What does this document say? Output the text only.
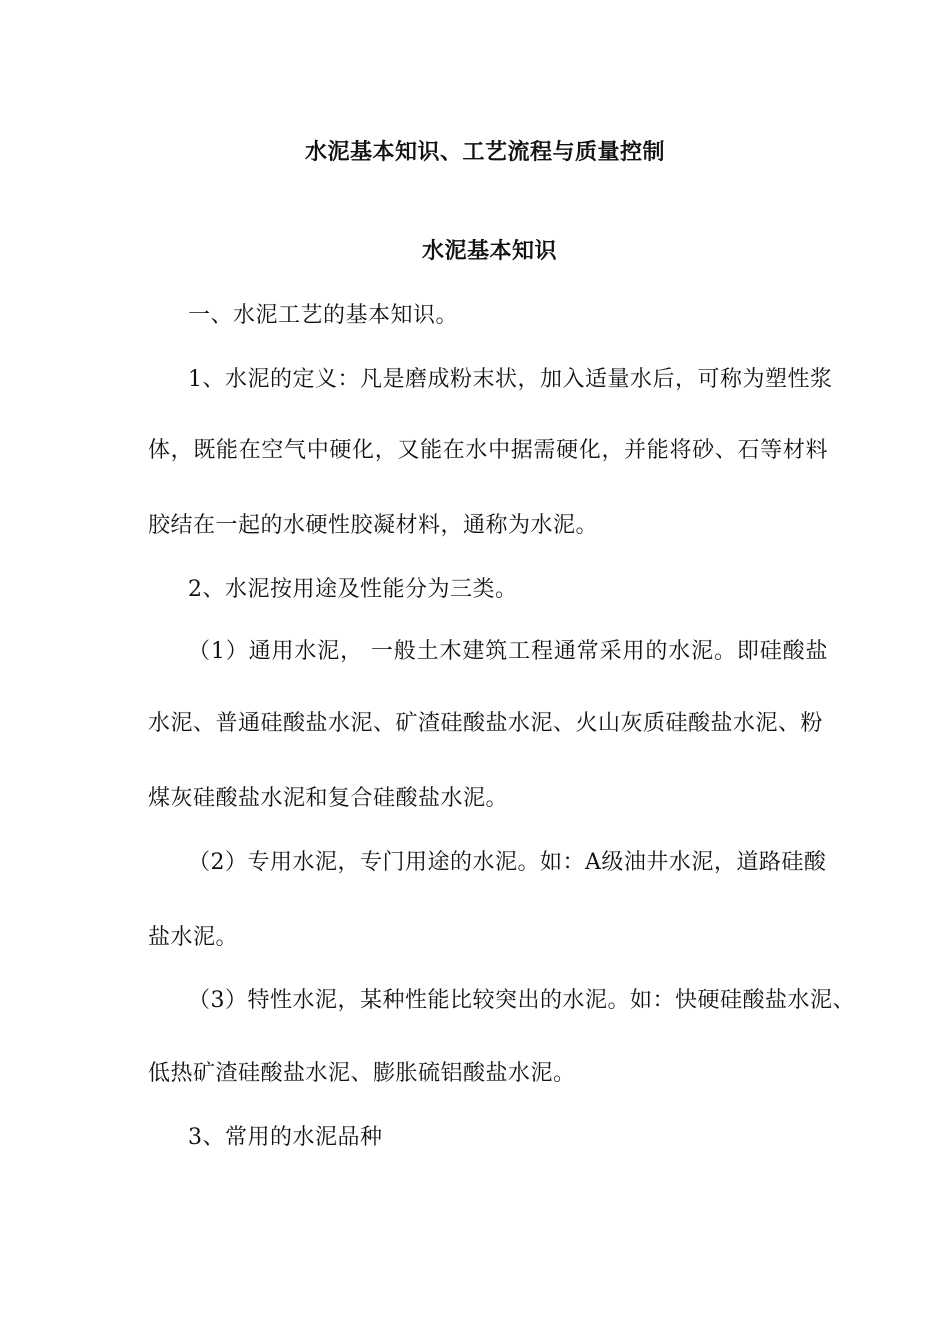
水泥基本知识、工艺流程与质量控制
水泥基本知识
一、水泥工艺的基本知识。
1、水泥的定义：凡是磨成粉末状，加入适量水后，可称为塑性浆
体，既能在空气中硬化，又能在水中据需硬化，并能将砂、石等材料
胶结在一起的水硬性胶凝材料，通称为水泥。
2、水泥按用途及性能分为三类。
（1）通用水泥， 一般土木建筑工程通常采用的水泥。即硅酸盐
水泥、普通硅酸盐水泥、矿渣硅酸盐水泥、火山灰质硅酸盐水泥、粉
煤灰硅酸盐水泥和复合硅酸盐水泥。
（2）专用水泥，专门用途的水泥。如：A级油井水泥，道路硅酸
盐水泥。
（3）特性水泥，某种性能比较突出的水泥。如：快硬硅酸盐水泥、
低热矿渣硅酸盐水泥、膨胀硫铝酸盐水泥。
3、常用的水泥品种
